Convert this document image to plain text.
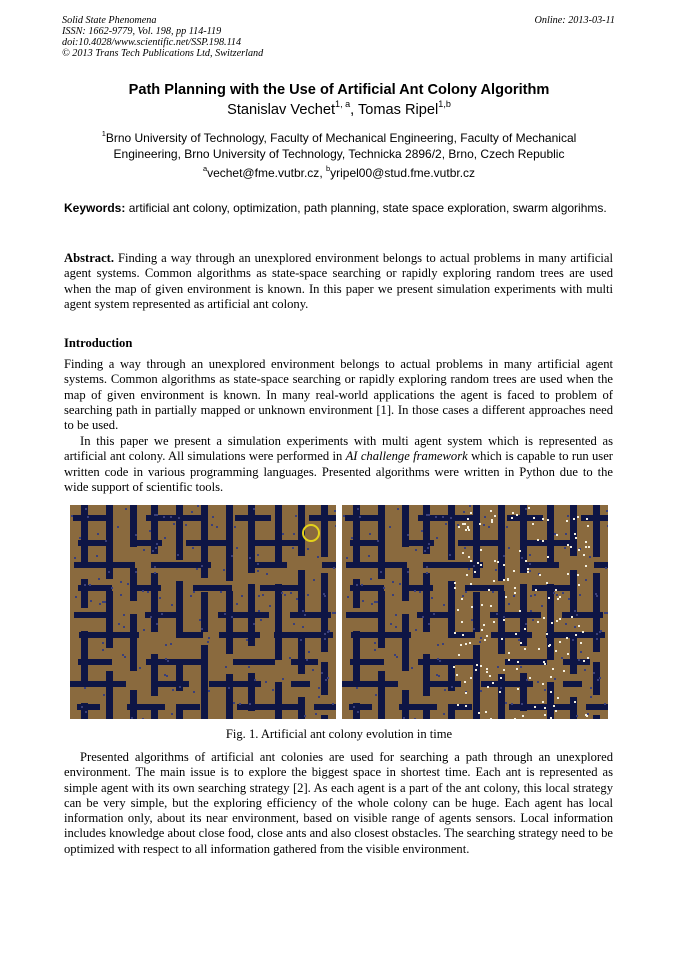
Solid State Phenomena
ISSN: 1662-9779, Vol. 198, pp 114-119
doi:10.4028/www.scientific.net/SSP.198.114
© 2013 Trans Tech Publications Ltd, Switzerland
Online: 2013-03-11
Path Planning with the Use of Artificial Ant Colony Algorithm
Stanislav Vechet$^{1, a}$, Tomas Ripel$^{1,b}$
$^1$Brno University of Technology, Faculty of Mechanical Engineering, Faculty of Mechanical Engineering, Brno University of Technology, Technicka 2896/2, Brno, Czech Republic
$^a$vechet@fme.vutbr.cz, $^b$yripel00@stud.fme.vutbr.cz
Keywords: artificial ant colony, optimization, path planning, state space exploration, swarm algorihms.
Abstract. Finding a way through an unexplored environment belongs to actual problems in many artificial agent systems. Common algorithms as state-space searching or rapidly exploring random trees are used when the map of given environment is known. In this paper we present simulation experiments with multi agent system represented as artificial ant colony.
Introduction
Finding a way through an unexplored environment belongs to actual problems in many artificial agent systems. Common algorithms as state-space searching or rapidly exploring random trees are used when the map of given environment is known. In many real-world applications the agent is faced to problem of searching path in partially mapped or unknown environment [1]. In those cases a different approaches need to be used.
In this paper we present a simulation experiments with multi agent system which is represented as artificial ant colony. All simulations were performed in AI challenge framework which is capable to run user written code in various programming languages. Presented algorithms were written in Python due to the wide support of scientific tools.
Fig. 1. Artificial ant colony evolution in time
Presented algorithms of artificial ant colonies are used for searching a path through an unexplored environment. The main issue is to explore the biggest space in shortest time. Each ant is represented as simple agent with its own searching strategy [2]. As each agent is a part of the ant colony, this local strategy can be very simple, but the exploring efficiency of the whole colony can be huge. Each agent has local information only, about its near environment, based on visible range of agents sensors. Local information includes knowledge about close food, close ants and also closest obstacles. The searching strategy need to be optimized with respect to all information gathered from the visible environment.
